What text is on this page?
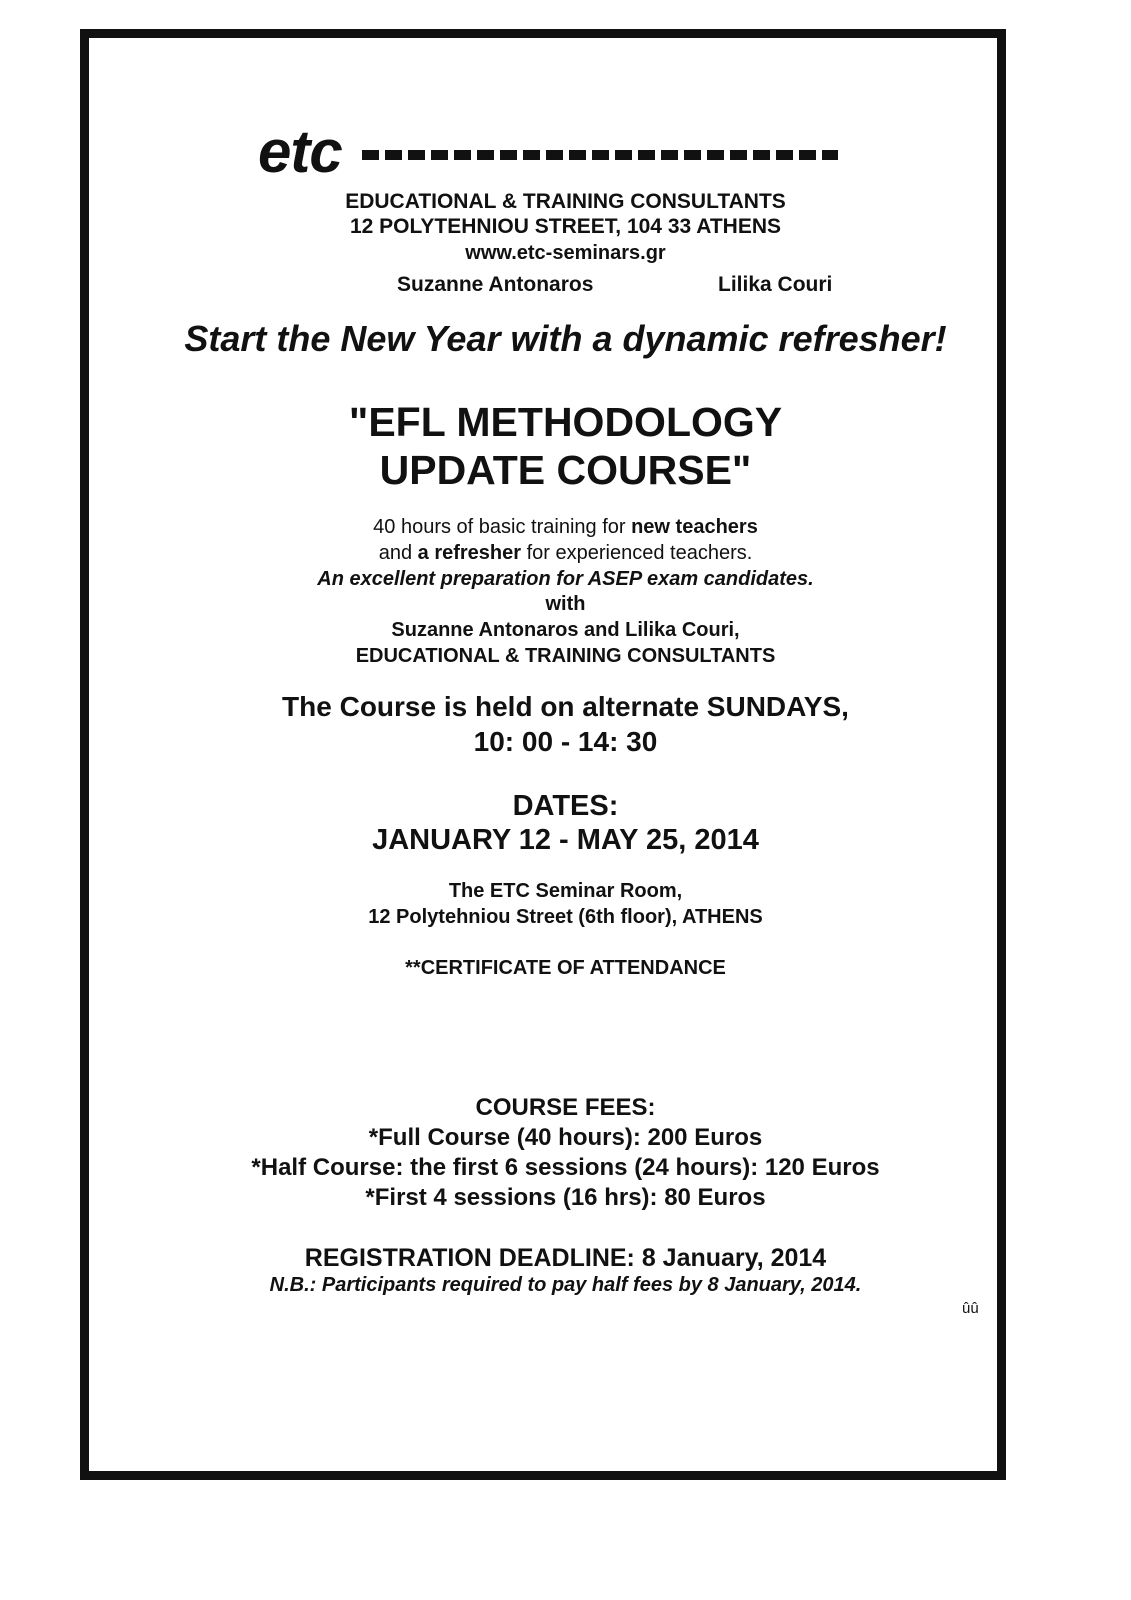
etc

EDUCATIONAL & TRAINING CONSULTANTS

12 POLYTEHNIOU STREET, 104 33 ATHENS

www.etc-seminars.gr

Suzanne Antonaros	Lilika Couri

Start the New Year with a dynamic refresher!

"EFL METHODOLOGY

UPDATE COURSE"

40 hours of basic training for new teachers

and a refresher for experienced teachers.

An excellent preparation for ASEP exam candidates.

with

Suzanne Antonaros and Lilika Couri,

EDUCATIONAL & TRAINING CONSULTANTS

The Course is held on alternate SUNDAYS,

10: 00 - 14: 30

DATES:

JANUARY 12 - MAY 25, 2014

The ETC Seminar Room,

12 Polytehniou Street (6th floor), ATHENS

**CERTIFICATE OF ATTENDANCE

COURSE FEES:

*Full Course (40 hours): 200 Euros

*Half Course: the first 6 sessions (24 hours): 120 Euros

*First 4 sessions (16 hrs): 80 Euros

REGISTRATION DEADLINE: 8 January, 2014

N.B.: Participants required to pay half fees by 8 January, 2014.

ûû
